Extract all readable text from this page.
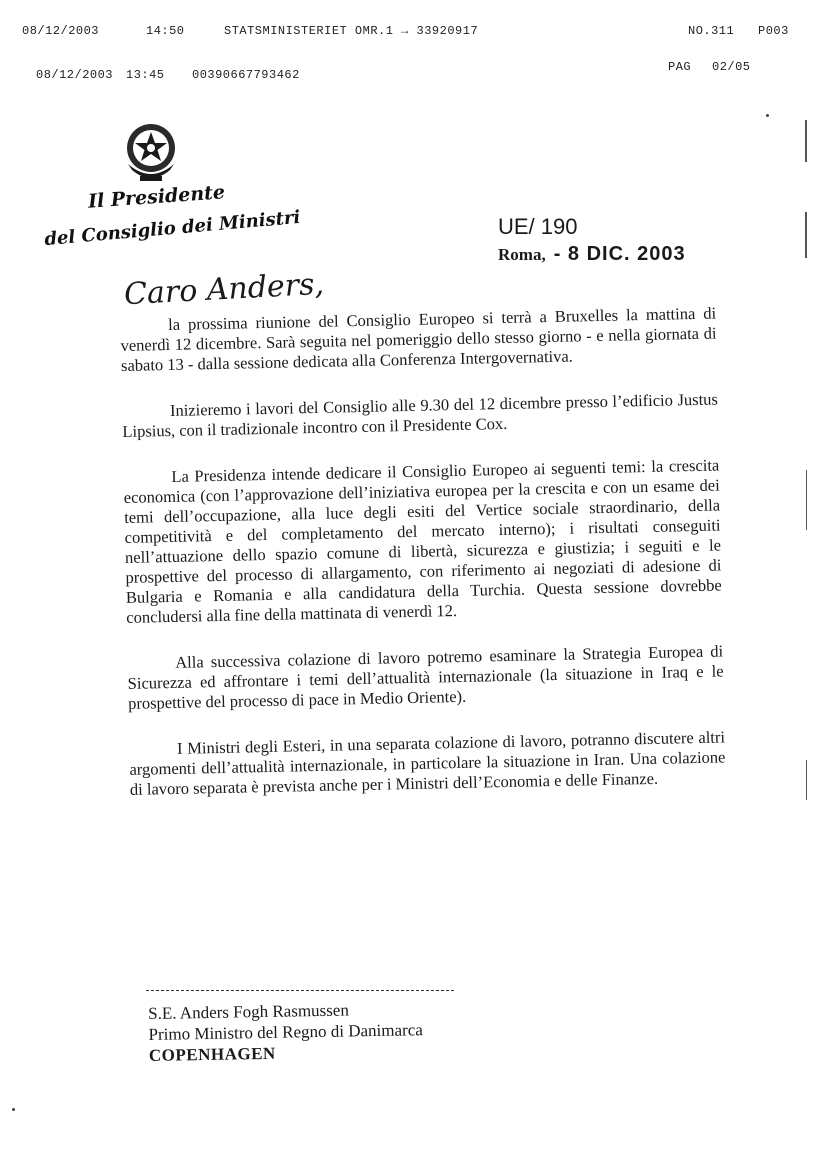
08/12/2003	14:50	STATSMINISTERIET OMR.1 → 33920917	NO.311 P003
PAG 02/05
08/12/2003 13:45 00390667793462
Il Presidente
del Consiglio dei Ministri	UE/ 190
Roma, - 8 DIC. 2003
Caro Anders,

la prossima riunione del Consiglio Europeo si terrà a Bruxelles la mattina di venerdì 12 dicembre. Sarà seguita nel pomeriggio dello stesso giorno - e nella giornata di sabato 13 - dalla sessione dedicata alla Conferenza Intergovernativa.

Inizieremo i lavori del Consiglio alle 9.30 del 12 dicembre presso l’edificio Justus Lipsius, con il tradizionale incontro con il Presidente Cox.

La Presidenza intende dedicare il Consiglio Europeo ai seguenti temi: la crescita economica (con l’approvazione dell’iniziativa europea per la crescita e con un esame dei temi dell’occupazione, alla luce degli esiti del Vertice sociale straordinario, della competitività e del completamento del mercato interno); i risultati conseguiti nell’attuazione dello spazio comune di libertà, sicurezza e giustizia; i seguiti e le prospettive del processo di allargamento, con riferimento ai negoziati di adesione di Bulgaria e Romania e alla candidatura della Turchia. Questa sessione dovrebbe concludersi alla fine della mattinata di venerdì 12.

Alla successiva colazione di lavoro potremo esaminare la Strategia Europea di Sicurezza ed affrontare i temi dell’attualità internazionale (la situazione in Iraq e le prospettive del processo di pace in Medio Oriente).

I Ministri degli Esteri, in una separata colazione di lavoro, potranno discutere altri argomenti dell’attualità internazionale, in particolare la situazione in Iran. Una colazione di lavoro separata è prevista anche per i Ministri dell’Economia e delle Finanze.

S.E. Anders Fogh Rasmussen
Primo Ministro del Regno di Danimarca
COPENHAGEN
